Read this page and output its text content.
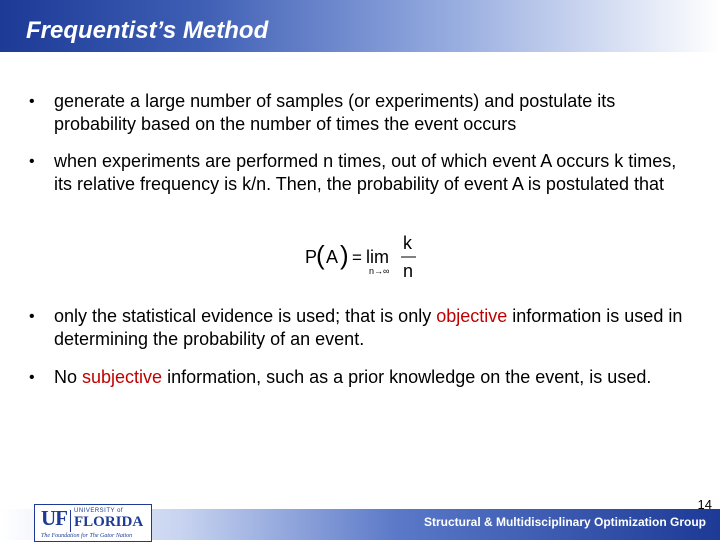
Frequentist’s Method
• generate a large number of samples (or experiments) and postulate its probability based on the number of times the event occurs
• when experiments are performed n times, out of which event A occurs k times, its relative frequency is k/n. Then, the probability of event A is postulated that
P
( A ) = lim
n→∞
k
n
• only the statistical evidence is used; that is only objective information is used in determining the probability of an event.
• No subjective information, such as a prior knowledge on the event, is used.
14
Structural & Multidisciplinary Optimization Group
UF UNIVERSITY of
FLORIDA
The Foundation for The Gator Nation
